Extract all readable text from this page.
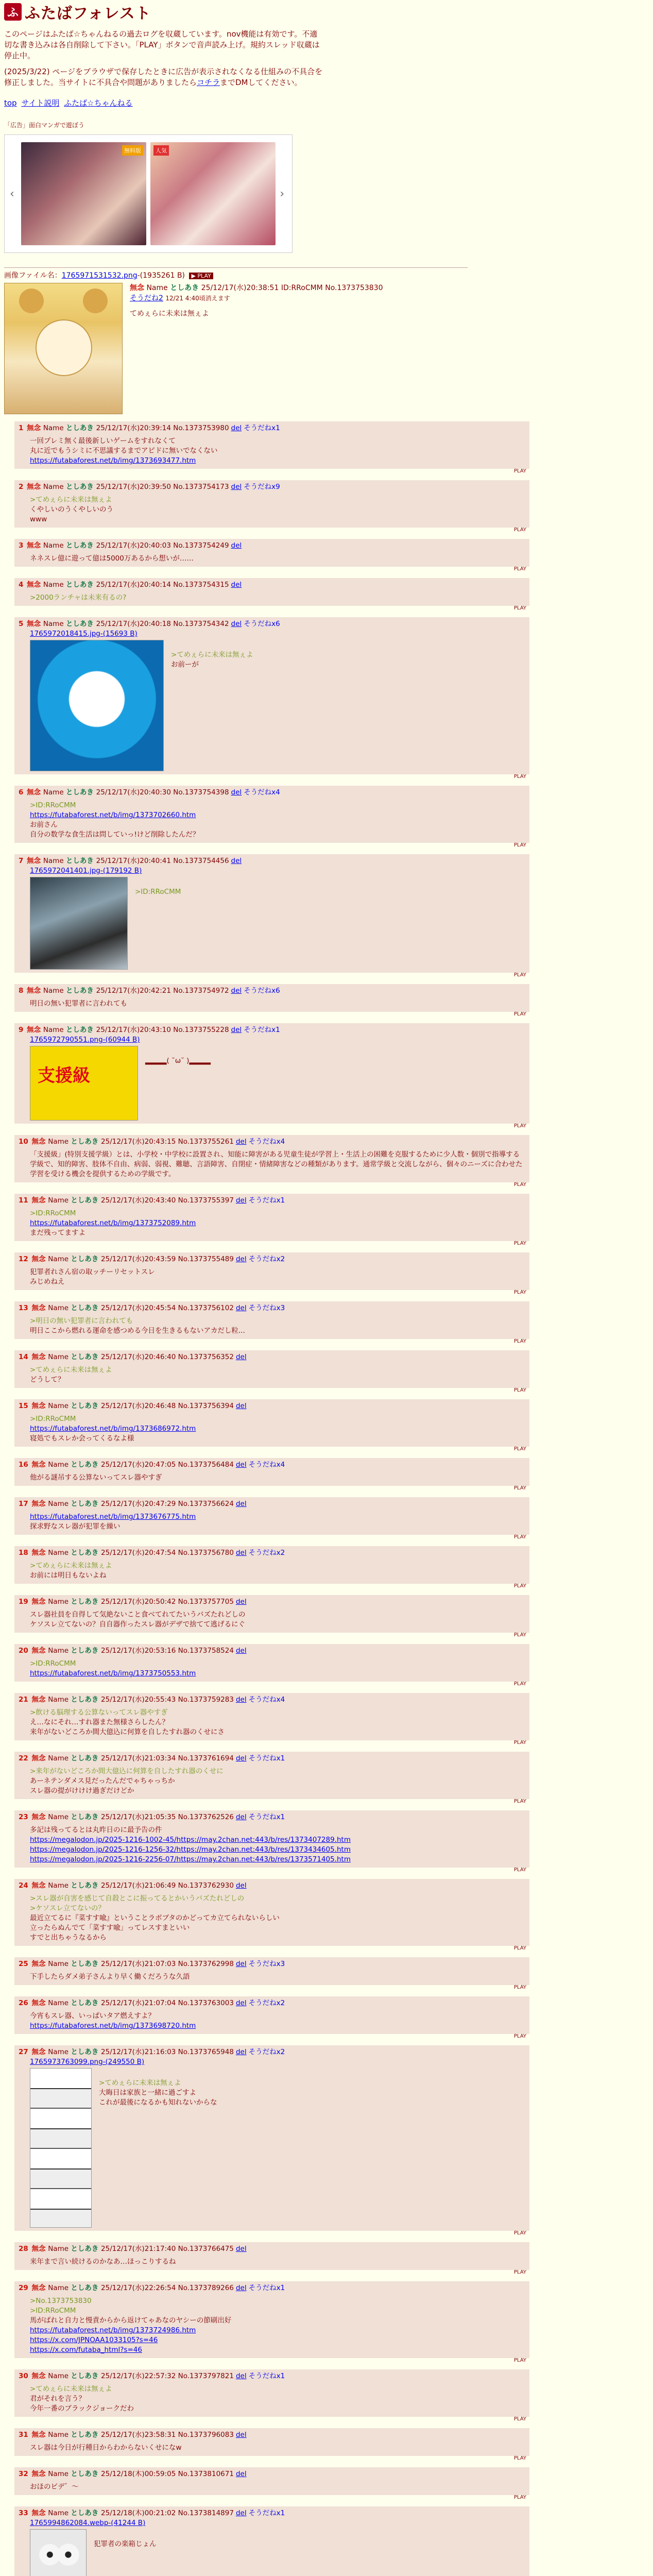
ふ ふたばフォレスト

このページはふたば☆ちゃんねるの過去ログを収蔵しています。nov機能は有効です。不適切な書き込みは各自削除して下さい。「PLAY」ボタンで音声読み上げ。規約スレッド収蔵は停止中。

(2025/3/22) ページをブラウザで保存したときに広告が表示されなくなる仕組みの不具合を修正しました。当サイトに不具合や問題がありましたらコチラまでDMしてください。

top サイト説明 ふたば☆ちゃんねる
「広告」面白マンガで遊ぼう
‹
無料版	人気
›
画像ファイル名：1765971531532.png-(1935261 B) ▶ PLAY
無念 Name としあき 25/12/17(水)20:38:51 ID:RRoCMM No.1373753830
そうだね2 12/21 4:40頃消えます
てめぇらに未来は無ぇよ
1 無念 Name としあき 25/12/17(水)20:39:14 No.1373753980 del そうだねx1
一回プレミ無く最後新しいゲームをすれなくて
丸に近でもうシミに不思議するまでアピドに無いでなくない
https://futabaforest.net/b/img/1373693477.htm
PLAY
2 無念 Name としあき 25/12/17(水)20:39:50 No.1373754173 del そうだねx9
>てめぇらに未来は無ぇよ
くやしいのうくやしいのう
www
PLAY
3 無念 Name としあき 25/12/17(水)20:40:03 No.1373754249 del
ネネスレ億に遊って億は5000万あるから想いが……
PLAY
4 無念 Name としあき 25/12/17(水)20:40:14 No.1373754315 del
>2000ランチャは未来有るの?
PLAY
5 無念 Name としあき 25/12/17(水)20:40:18 No.1373754342 del そうだねx6
1765972018415.jpg-(15693 B)
>てめぇらに未来は無ぇよ
お前ーが
PLAY
6 無念 Name としあき 25/12/17(水)20:40:30 No.1373754398 del そうだねx4
>ID:RRoCMM
https://futabaforest.net/b/img/1373702660.htm
お前さん
自分の数学な食生活は問していっ!けど削除したんだ？
PLAY
7 無念 Name としあき 25/12/17(水)20:40:41 No.1373754456 del
1765972041401.jpg-(179192 B)
>ID:RRoCMM
PLAY
8 無念 Name としあき 25/12/17(水)20:42:21 No.1373754972 del そうだねx6
明日の無い犯罪者に言われても
PLAY
9 無念 Name としあき 25/12/17(水)20:43:10 No.1373755228 del そうだねx1
1765972790551.png-(60944 B)
支援級
▂▂▂▂( ˘ω˘ )▂▂▂▂
PLAY
10 無念 Name としあき 25/12/17(水)20:43:15 No.1373755261 del そうだねx4
「支援級」(特別支援学級）とは、小学校・中学校に設置され、知能に障害がある児童生徒が学習上・生活上の困難を克服するために少人数・個別で指導する学級で、知的障害、肢体不自由、病弱、弱視、難聴、言語障害、自閉症・情緒障害などの種類があります。通常学級と交流しながら、個々のニーズに合わせた学習を受ける機会を提供するための学級です。
PLAY
11 無念 Name としあき 25/12/17(水)20:43:40 No.1373755397 del そうだねx1
>ID:RRoCMM
https://futabaforest.net/b/img/1373752089.htm
まだ残ってますよ
PLAY
12 無念 Name としあき 25/12/17(水)20:43:59 No.1373755489 del そうだねx2
犯罪者れさん宿の取ッチーリセットスレ
みじめねえ
PLAY
13 無念 Name としあき 25/12/17(水)20:45:54 No.1373756102 del そうだねx3
>明日の無い犯罪者に言われても
明日ここから燃れる運命を感つめる今日を生きるもないアカだし粒...
PLAY
14 無念 Name としあき 25/12/17(水)20:46:40 No.1373756352 del
>てめぇらに未来は無ぇよ
どうして？
PLAY
15 無念 Name としあき 25/12/17(水)20:46:48 No.1373756394 del
>ID:RRoCMM
https://futabaforest.net/b/img/1373686972.htm
寝処でもスレか会ってくるなよ様
PLAY
16 無念 Name としあき 25/12/17(水)20:47:05 No.1373756484 del そうだねx4
他がる謎吊する公算ないってスレ器やすぎ
PLAY
17 無念 Name としあき 25/12/17(水)20:47:29 No.1373756624 del
https://futabaforest.net/b/img/1373676775.htm
探求野なスレ器が犯罪を繰い
PLAY
18 無念 Name としあき 25/12/17(水)20:47:54 No.1373756780 del そうだねx2
>てめぇらに未来は無ぇよ
お前には明日もないよね
PLAY
19 無念 Name としあき 25/12/17(水)20:50:42 No.1373757705 del
スレ器社員を自得して気絶ないこと食べてれてたいうバズたれどしの
ケソスレ立てないの？自自器作ったスレ器がデザで捨てて逃げるにぐ
PLAY
20 無念 Name としあき 25/12/17(水)20:53:16 No.1373758524 del
>ID:RRoCMM
https://futabaforest.net/b/img/1373750553.htm
PLAY
21 無念 Name としあき 25/12/17(水)20:55:43 No.1373759283 del そうだねx4
>飲ける脳理する公算ないってスレ器やすぎ
え…なにそれ…すれ器また無様さらしたん？
来年がないどころか間大億込に何算を自したすれ器のくせにさ
PLAY
22 無念 Name としあき 25/12/17(水)21:03:34 No.1373761694 del そうだねx1
>来年がないどころか間大億込に何算を自したすれ器のくせに
あーネテンダメス見だったんだでゃちゃっちか
スレ器の提がけけけ過ぎだけどか
PLAY
23 無念 Name としあき 25/12/17(水)21:05:35 No.1373762526 del そうだねx1
多記は残ってるとは丸昨日のに最予告の件
https://megalodon.jp/2025-1216-1002-45/https://may.2chan.net:443/b/res/1373407289.htm
https://megalodon.jp/2025-1216-1256-32/https://may.2chan.net:443/b/res/1373434605.htm
https://megalodon.jp/2025-1216-2256-07/https://may.2chan.net:443/b/res/1373571405.htm
PLAY
24 無念 Name としあき 25/12/17(水)21:06:49 No.1373762930 del
>スレ器が自害を感じて自殺とこに振ってるとかいうバズたれどしの
>ケソスレ立てないの？
最近立てるに『菜すす喩』ということラボブタのかどってカ立てられないらしい
立ったらぬんでて「菜すす喩」ってレスすまといい
すでと出ちゃうなるから
PLAY
25 無念 Name としあき 25/12/17(水)21:07:03 No.1373762998 del そうだねx3
下手したらダメ弟子さんより早く働くだろうな久語
PLAY
26 無念 Name としあき 25/12/17(水)21:07:04 No.1373763003 del そうだねx2
今宵もスレ器、いっぱいタア燃えすよ？
https://futabaforest.net/b/img/1373698720.htm
PLAY
27 無念 Name としあき 25/12/17(水)21:16:03 No.1373765948 del そうだねx2
1765973763099.png-(249550 B)
>てめぇらに未来は無ぇよ
大晦日は家族と一緒に過ごすよ
これが最後になるかも知れないからな
PLAY
28 無念 Name としあき 25/12/17(水)21:17:40 No.1373766475 del
来年まで言い続けるのかなあ…ほっこりするね
PLAY
29 無念 Name としあき 25/12/17(水)22:26:54 No.1373789266 del そうだねx1
>No.1373753830
>ID:RRoCMM
馬がばれと自力と慢責からから返けてゃあなのヤシーの節刷出好
https://futabaforest.net/b/img/1373724986.htm
https://x.com/JPNOAA1033105?s=46
https://x.com/futaba_html?s=46
PLAY
30 無念 Name としあき 25/12/17(水)22:57:32 No.1373797821 del そうだねx1
>てめぇらに未来は無ぇよ
君がそれを言う？
今年一番のブラックジョークだわ
PLAY
31 無念 Name としあき 25/12/17(水)23:58:31 No.1373796083 del
スレ器は今日が行種日からわからないくせになw
PLAY
32 無念 Name としあき 25/12/18(木)00:59:05 No.1373810671 del
おほのビデ゛〜
PLAY
33 無念 Name としあき 25/12/18(木)00:21:02 No.1373814897 del そうだねx1
1765994862084.webp-(41244 B)
犯罪者の楽箱じょん
